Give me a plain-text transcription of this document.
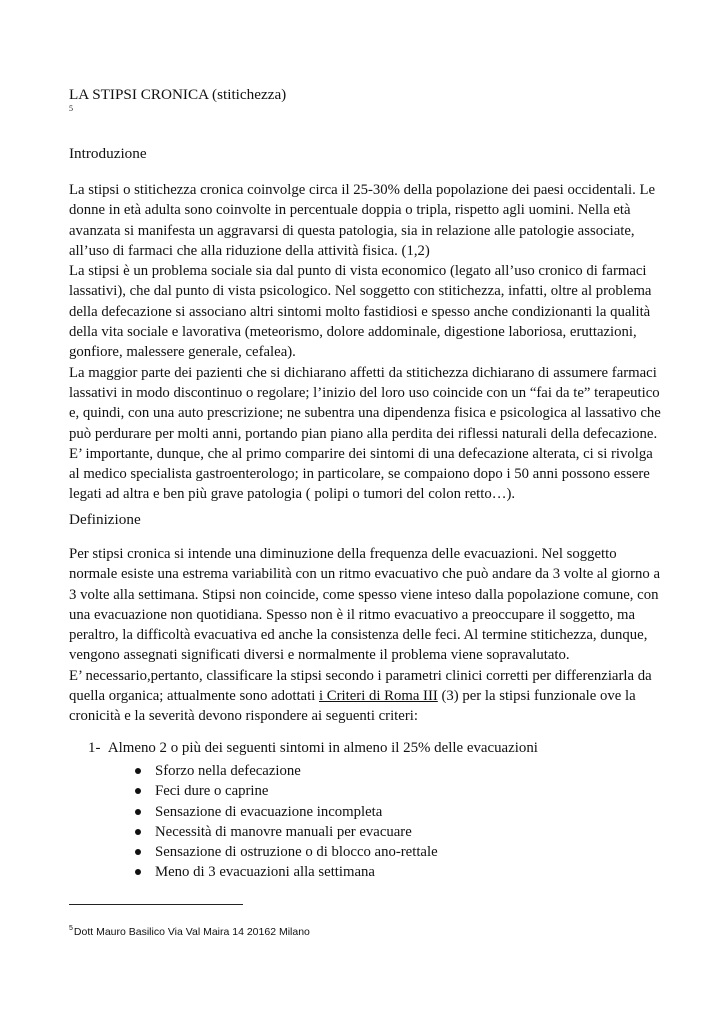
LA STIPSI CRONICA (stitichezza)
5
Introduzione
La stipsi o stitichezza cronica coinvolge circa il 25-30% della popolazione dei paesi occidentali. Le
donne in età adulta sono coinvolte in percentuale doppia o tripla, rispetto agli uomini. Nella età
avanzata si manifesta un aggravarsi di questa patologia, sia in relazione alle patologie associate,
all’uso di farmaci che alla riduzione della attività fisica. (1,2)
La stipsi è un problema sociale sia dal punto di vista economico (legato all’uso cronico di farmaci
lassativi), che dal punto di vista psicologico. Nel soggetto con stitichezza, infatti, oltre al problema
della defecazione si associano altri sintomi molto fastidiosi e spesso anche condizionanti la qualità
della vita sociale e lavorativa (meteorismo, dolore addominale, digestione laboriosa, eruttazioni,
gonfiore, malessere generale, cefalea).
La maggior parte dei pazienti che si dichiarano affetti da stitichezza dichiarano di assumere farmaci
lassativi in modo discontinuo o regolare; l’inizio del loro uso coincide con un “fai da te” terapeutico
e, quindi, con una auto prescrizione; ne subentra una dipendenza fisica e psicologica al lassativo che
può perdurare per molti anni, portando pian piano alla perdita dei riflessi naturali della defecazione.
E’ importante, dunque, che al primo comparire dei sintomi di una defecazione alterata, ci si rivolga
al medico specialista gastroenterologo; in particolare, se compaiono dopo i 50 anni possono essere
legati ad altra e ben più grave patologia ( polipi o tumori del colon retto…).
Definizione
Per stipsi cronica si intende una diminuzione della frequenza delle evacuazioni. Nel soggetto
normale esiste una estrema variabilità con un ritmo evacuativo che può andare da 3 volte al giorno a
3 volte alla settimana. Stipsi non coincide, come spesso viene inteso dalla popolazione comune, con
una evacuazione non quotidiana. Spesso non è il ritmo evacuativo a preoccupare il soggetto, ma
peraltro, la difficoltà evacuativa ed anche la consistenza delle feci. Al termine stitichezza, dunque,
vengono assegnati significati diversi e normalmente il problema viene sopravalutato.
E’ necessario,pertanto, classificare la stipsi secondo i parametri clinici corretti per differenziarla da
quella organica; attualmente sono adottati i Criteri di Roma III (3) per la stipsi funzionale ove la
cronicità e la severità devono rispondere ai seguenti criteri:
1- Almeno 2 o più dei seguenti sintomi in almeno il 25% delle evacuazioni
Sforzo nella defecazione
Feci dure o caprine
Sensazione di evacuazione incompleta
Necessità di manovre manuali per evacuare
Sensazione di ostruzione o di blocco ano-rettale
Meno di 3 evacuazioni alla settimana
$^5$Dott Mauro Basilico Via Val Maira 14 20162 Milano
